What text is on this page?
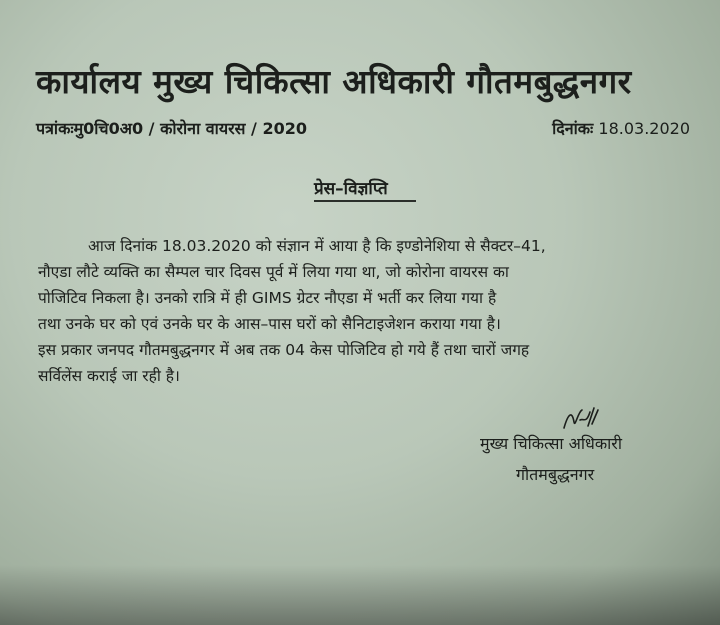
कार्यालय मुख्य चिकित्सा अधिकारी गौतमबुद्धनगर
पत्रांकःमु0चि0अ0 / कोरोना वायरस / 2020	दिनांकः 18.03.2020
प्रेस–विज्ञप्ति
आज दिनांक 18.03.2020 को संज्ञान में आया है कि इण्डोनेशिया से सैक्टर–41,
नौएडा लौटे व्यक्ति का सैम्पल चार दिवस पूर्व में लिया गया था, जो कोरोना वायरस का
पोजिटिव निकला है। उनको रात्रि में ही GIMS ग्रेटर नौएडा में भर्ती कर लिया गया है
तथा उनके घर को एवं उनके घर के आस–पास घरों को सैनिटाइजेशन कराया गया है।
इस प्रकार जनपद गौतमबुद्धनगर में अब तक 04 केस पोजिटिव हो गये हैं तथा चारों जगह
सर्विलेंस कराई जा रही है।
मुख्य चिकित्सा अधिकारी
गौतमबुद्धनगर
